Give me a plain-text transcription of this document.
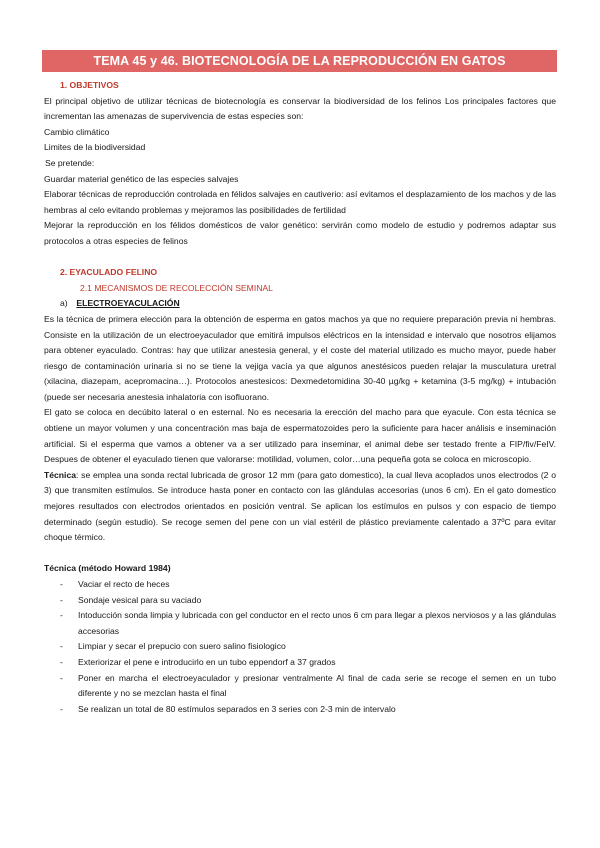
TEMA 45 y 46. BIOTECNOLOGÍA DE LA REPRODUCCIÓN EN GATOS

1. OBJETIVOS

El principal objetivo de utilizar técnicas de biotecnología es conservar la biodiversidad de los felinos Los principales factores que incrementan las amenazas de supervivencia de estas especies son:

Cambio climático

Limites de la biodiversidad

Se pretende:

Guardar material genético de las especies salvajes

Elaborar técnicas de reproducción controlada en félidos salvajes en cautiverio: así evitamos el desplazamiento de los machos y de las hembras al celo evitando problemas y mejoramos las posibilidades de fertilidad

Mejorar la reproducción en los félidos domésticos de valor genético: servirán como modelo de estudio y podremos adaptar sus protocolos a otras especies de felinos

2. EYACULADO FELINO

2.1 MECANISMOS DE RECOLECCIÓN SEMINAL

a) ELECTROEYACULACIÓN

Es la técnica de primera elección para la obtención de esperma en gatos machos ya que no requiere preparación previa ni hembras. Consiste en la utilización de un electroeyaculador que emitirá impulsos eléctricos en la intensidad e intervalo que nosotros elijamos para obtener eyaculado. Contras: hay que utilizar anestesia general, y el coste del material utilizado es mucho mayor, puede haber riesgo de contaminación urinaria si no se tiene la vejiga vacía ya que algunos anestésicos pueden relajar la musculatura uretral (xilacina, diazepam, acepromacina…). Protocolos anestesicos: Dexmedetomidina 30-40 µg/kg + ketamina (3-5 mg/kg) + intubación (puede ser necesaria anestesia inhalatoria con isofluorano.

El gato se coloca en decúbito lateral o en esternal. No es necesaria la erección del macho para que eyacule. Con esta técnica se obtiene un mayor volumen y una concentración mas baja de espermatozoides pero la suficiente para hacer análisis e inseminación artificial. Si el esperma que vamos a obtener va a ser utilizado para inseminar, el animal debe ser testado frente a FIP/fiv/FeIV. Despues de obtener el eyaculado tienen que valorarse: motilidad, volumen, color…una pequeña gota se coloca en microscopio.

Técnica: se emplea una sonda rectal lubricada de grosor 12 mm (para gato domestico), la cual lleva acoplados unos electrodos (2 o 3) que transmiten estímulos. Se introduce hasta poner en contacto con las glándulas accesorias (unos 6 cm). En el gato domestico mejores resultados con electrodos orientados en posición ventral. Se aplican los estímulos en pulsos y con espacio de tiempo determinado (según estudio). Se recoge semen del pene con un vial estéril de plástico previamente calentado a 37ºC para evitar choque térmico.

Técnica (método Howard 1984)

- Vaciar el recto de heces
- Sondaje vesical para su vaciado
- Intoducción sonda limpia y lubricada con gel conductor en el recto unos 6 cm para llegar a plexos nerviosos y a las glándulas accesorias
- Limpiar y secar el prepucio con suero salino fisiologico
- Exteriorizar el pene e introducirlo en un tubo eppendorf a 37 grados
- Poner en marcha el electroeyaculador y presionar ventralmente Al final de cada serie se recoge el semen en un tubo diferente y no se mezclan hasta el final
- Se realizan un total de 80 estímulos separados en 3 series con 2-3 min de intervalo
